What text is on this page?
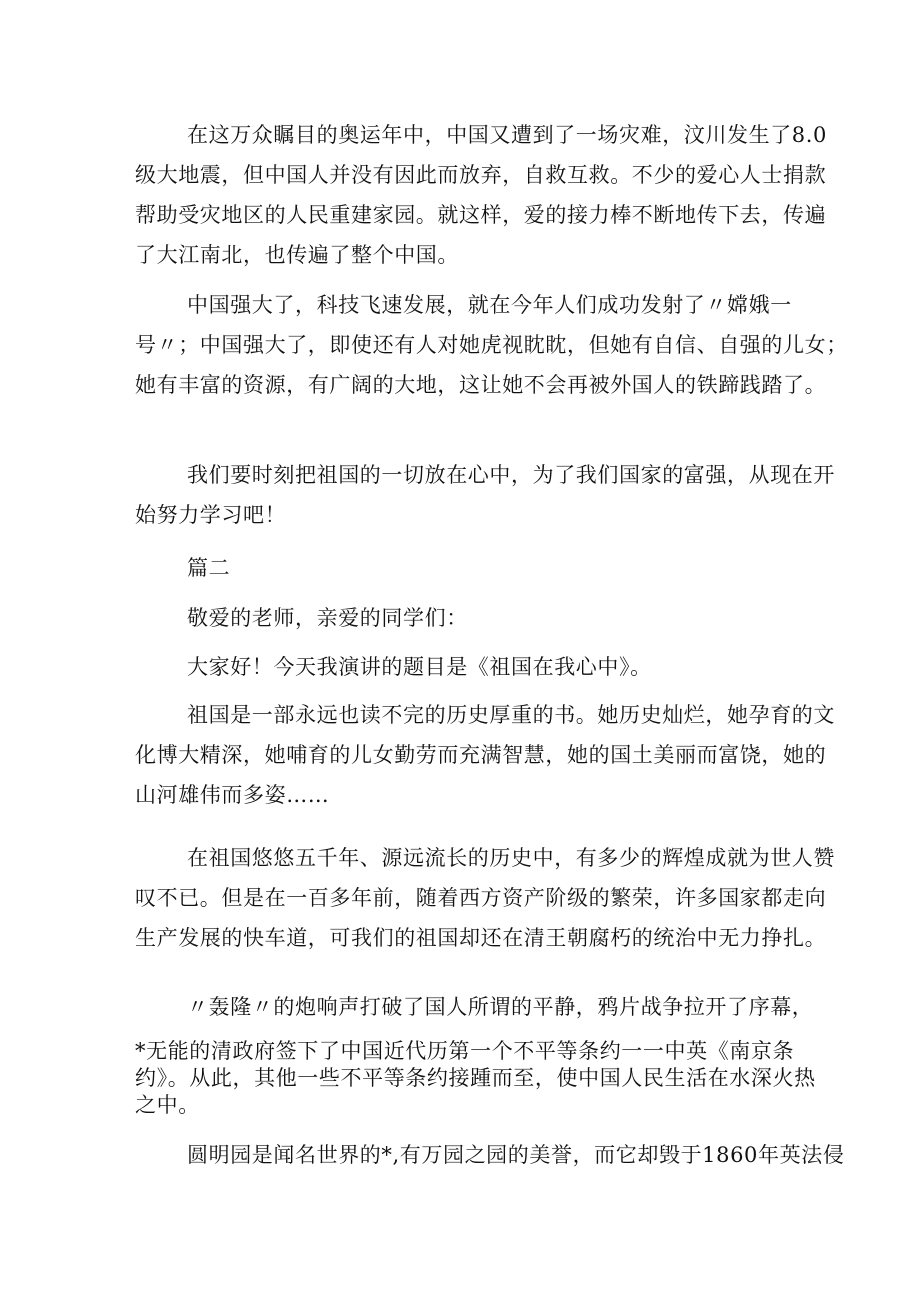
在这万众瞩目的奥运年中，中国又遭到了一场灾难，汶川发生了8.0
级大地震，但中国人并没有因此而放弃，自救互救。不少的爱心人士捐款
帮助受灾地区的人民重建家园。就这样，爱的接力棒不断地传下去，传遍
了大江南北，也传遍了整个中国。

中国强大了，科技飞速发展，就在今年人们成功发射了〃嫦娥一
号〃；中国强大了，即使还有人对她虎视眈眈，但她有自信、自强的儿女；
她有丰富的资源，有广阔的大地，这让她不会再被外国人的铁蹄践踏了。

我们要时刻把祖国的一切放在心中，为了我们国家的富强，从现在开
始努力学习吧！

篇二

敬爱的老师，亲爱的同学们：

大家好！今天我演讲的题目是《祖国在我心中》。

祖国是一部永远也读不完的历史厚重的书。她历史灿烂，她孕育的文
化博大精深，她哺育的儿女勤劳而充满智慧，她的国土美丽而富饶，她的
山河雄伟而多姿……

在祖国悠悠五千年、源远流长的历史中，有多少的辉煌成就为世人赞
叹不已。但是在一百多年前，随着西方资产阶级的繁荣，许多国家都走向
生产发展的快车道，可我们的祖国却还在清王朝腐朽的统治中无力挣扎。

〃轰隆〃的炮响声打破了国人所谓的平静，鸦片战争拉开了序幕，

*无能的清政府签下了中国近代历第一个不平等条约一一中英《南京条
约》。从此，其他一些不平等条约接踵而至，使中国人民生活在水深火热
之中。

圆明园是闻名世界的*,有万园之园的美誉，而它却毁于1860年英法侵
